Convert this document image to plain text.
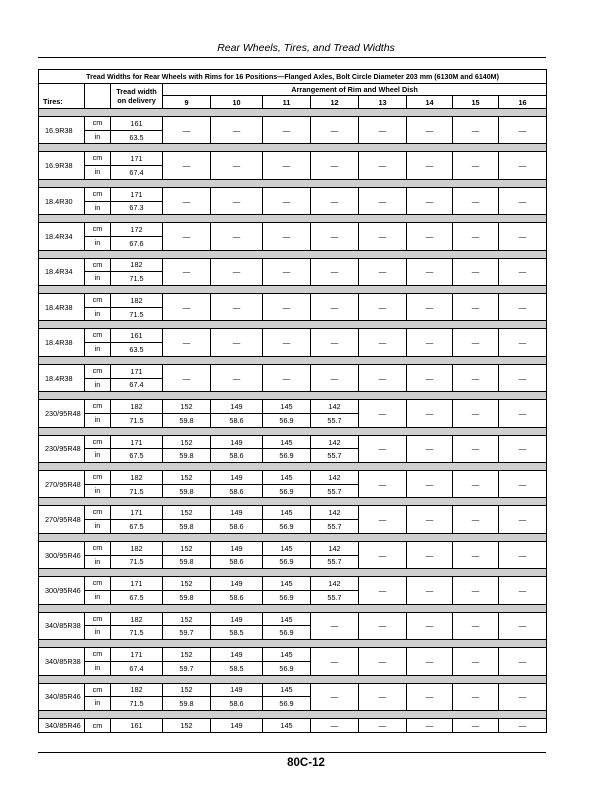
Rear Wheels, Tires, and Tread Widths
Tread Widths for Rear Wheels with Rims for 16 Positions—Flanged Axles, Bolt Circle Diameter 203 mm (6130M and 6140M)										
Tires:		Tread width
on delivery	Arrangement of Rim and Wheel Dish							
			9	10	11	12	13	14	15	16

16.9R38	cm	161	—	—	—	—	—	—	—	—
	in	63.5								

16.9R38	cm	171	—	—	—	—	—	—	—	—
	in	67.4								

18.4R30	cm	171	—	—	—	—	—	—	—	—
	in	67.3								

18.4R34	cm	172	—	—	—	—	—	—	—	—
	in	67.6								

18.4R34	cm	182	—	—	—	—	—	—	—	—
	in	71.5								

18.4R38	cm	182	—	—	—	—	—	—	—	—
	in	71.5								

18.4R38	cm	161	—	—	—	—	—	—	—	—
	in	63.5								

18.4R38	cm	171	—	—	—	—	—	—	—	—
	in	67.4								

230/95R48	cm	182	152	149	145	142	—	—	—	—
	in	71.5	59.8	58.6	56.9	55.7				

230/95R48	cm	171	152	149	145	142	—	—	—	—
	in	67.5	59.8	58.6	56.9	55.7				

270/95R48	cm	182	152	149	145	142	—	—	—	—
	in	71.5	59.8	58.6	56.9	55.7				

270/95R48	cm	171	152	149	145	142	—	—	—	—
	in	67.5	59.8	58.6	56.9	55.7				

300/95R46	cm	182	152	149	145	142	—	—	—	—
	in	71.5	59.8	58.6	56.9	55.7				

300/95R46	cm	171	152	149	145	142	—	—	—	—
	in	67.5	59.8	58.6	56.9	55.7				

340/85R38	cm	182	152	149	145	—	—	—	—	—
	in	71.5	59.7	58.5	56.9					

340/85R38	cm	171	152	149	145	—	—	—	—	—
	in	67.4	59.7	58.5	56.9					

340/85R46	cm	182	152	149	145	—	—	—	—	—
	in	71.5	59.8	58.6	56.9					

340/85R46	cm	161	152	149	145	—	—	—	—	—
80C-12
